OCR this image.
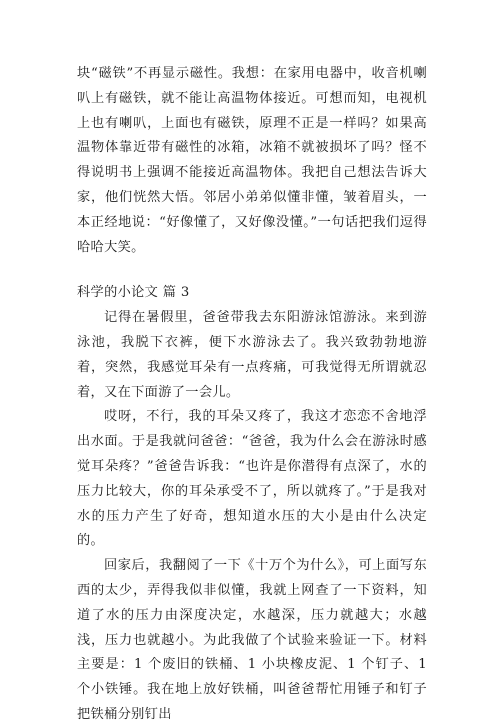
块“磁铁”不再显示磁性。我想：在家用电器中，收音机喇叭上有磁铁，就不能让高温物体接近。可想而知，电视机上也有喇叭，上面也有磁铁，原理不正是一样吗？如果高温物体靠近带有磁性的冰箱，冰箱不就被损坏了吗？怪不得说明书上强调不能接近高温物体。我把自己想法告诉大家，他们恍然大悟。邻居小弟弟似懂非懂，皱着眉头，一本正经地说：“好像懂了，又好像没懂。”一句话把我们逗得哈哈大笑。

科学的小论文 篇 3

记得在暑假里，爸爸带我去东阳游泳馆游泳。来到游泳池，我脱下衣裤，便下水游泳去了。我兴致勃勃地游着，突然，我感觉耳朵有一点疼痛，可我觉得无所谓就忍着，又在下面游了一会儿。

哎呀，不行，我的耳朵又疼了，我这才恋恋不舍地浮出水面。于是我就问爸爸：“爸爸，我为什么会在游泳时感觉耳朵疼？”爸爸告诉我：“也许是你潜得有点深了，水的压力比较大，你的耳朵承受不了，所以就疼了。”于是我对水的压力产生了好奇，想知道水压的大小是由什么决定的。

回家后，我翻阅了一下《十万个为什么》，可上面写东西的太少，弄得我似非似懂，我就上网查了一下资料，知道了水的压力由深度决定，水越深，压力就越大；水越浅，压力也就越小。为此我做了个试验来验证一下。材料主要是：1 个废旧的铁桶、1 小块橡皮泥、1 个钉子、1 个小铁锤。我在地上放好铁桶，叫爸爸帮忙用锤子和钉子把铁桶分别钉出
